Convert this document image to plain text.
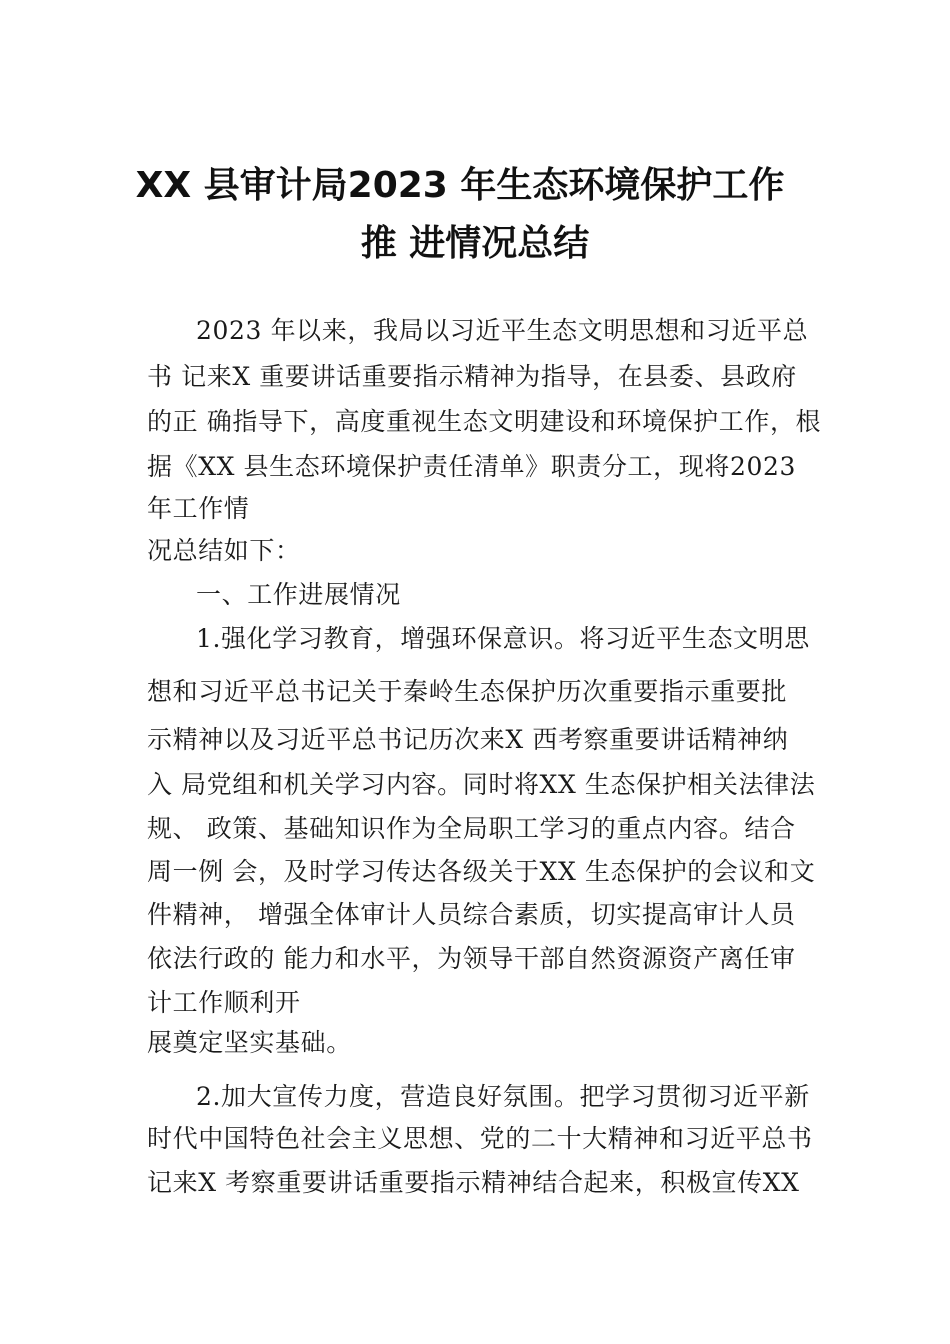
XX 县审计局2023 年生态环境保护工作
推 进情况总结
2023 年以来，我局以习近平生态文明思想和习近平总
书 记来X 重要讲话重要指示精神为指导，在县委、县政府
的正 确指导下，高度重视生态文明建设和环境保护工作，根
据《XX 县生态环境保护责任清单》职责分工，现将2023
年工作情
况总结如下：
一、工作进展情况
1.强化学习教育，增强环保意识。将习近平生态文明思
想和习近平总书记关于秦岭生态保护历次重要指示重要批
示精神以及习近平总书记历次来X 西考察重要讲话精神纳
入 局党组和机关学习内容。同时将XX 生态保护相关法律法
规、 政策、基础知识作为全局职工学习的重点内容。结合
周一例 会，及时学习传达各级关于XX 生态保护的会议和文
件精神， 增强全体审计人员综合素质，切实提高审计人员
依法行政的 能力和水平，为领导干部自然资源资产离任审
计工作顺利开
展奠定坚实基础。
2.加大宣传力度，营造良好氛围。把学习贯彻习近平新
时代中国特色社会主义思想、党的二十大精神和习近平总书
记来X 考察重要讲话重要指示精神结合起来，积极宣传XX
